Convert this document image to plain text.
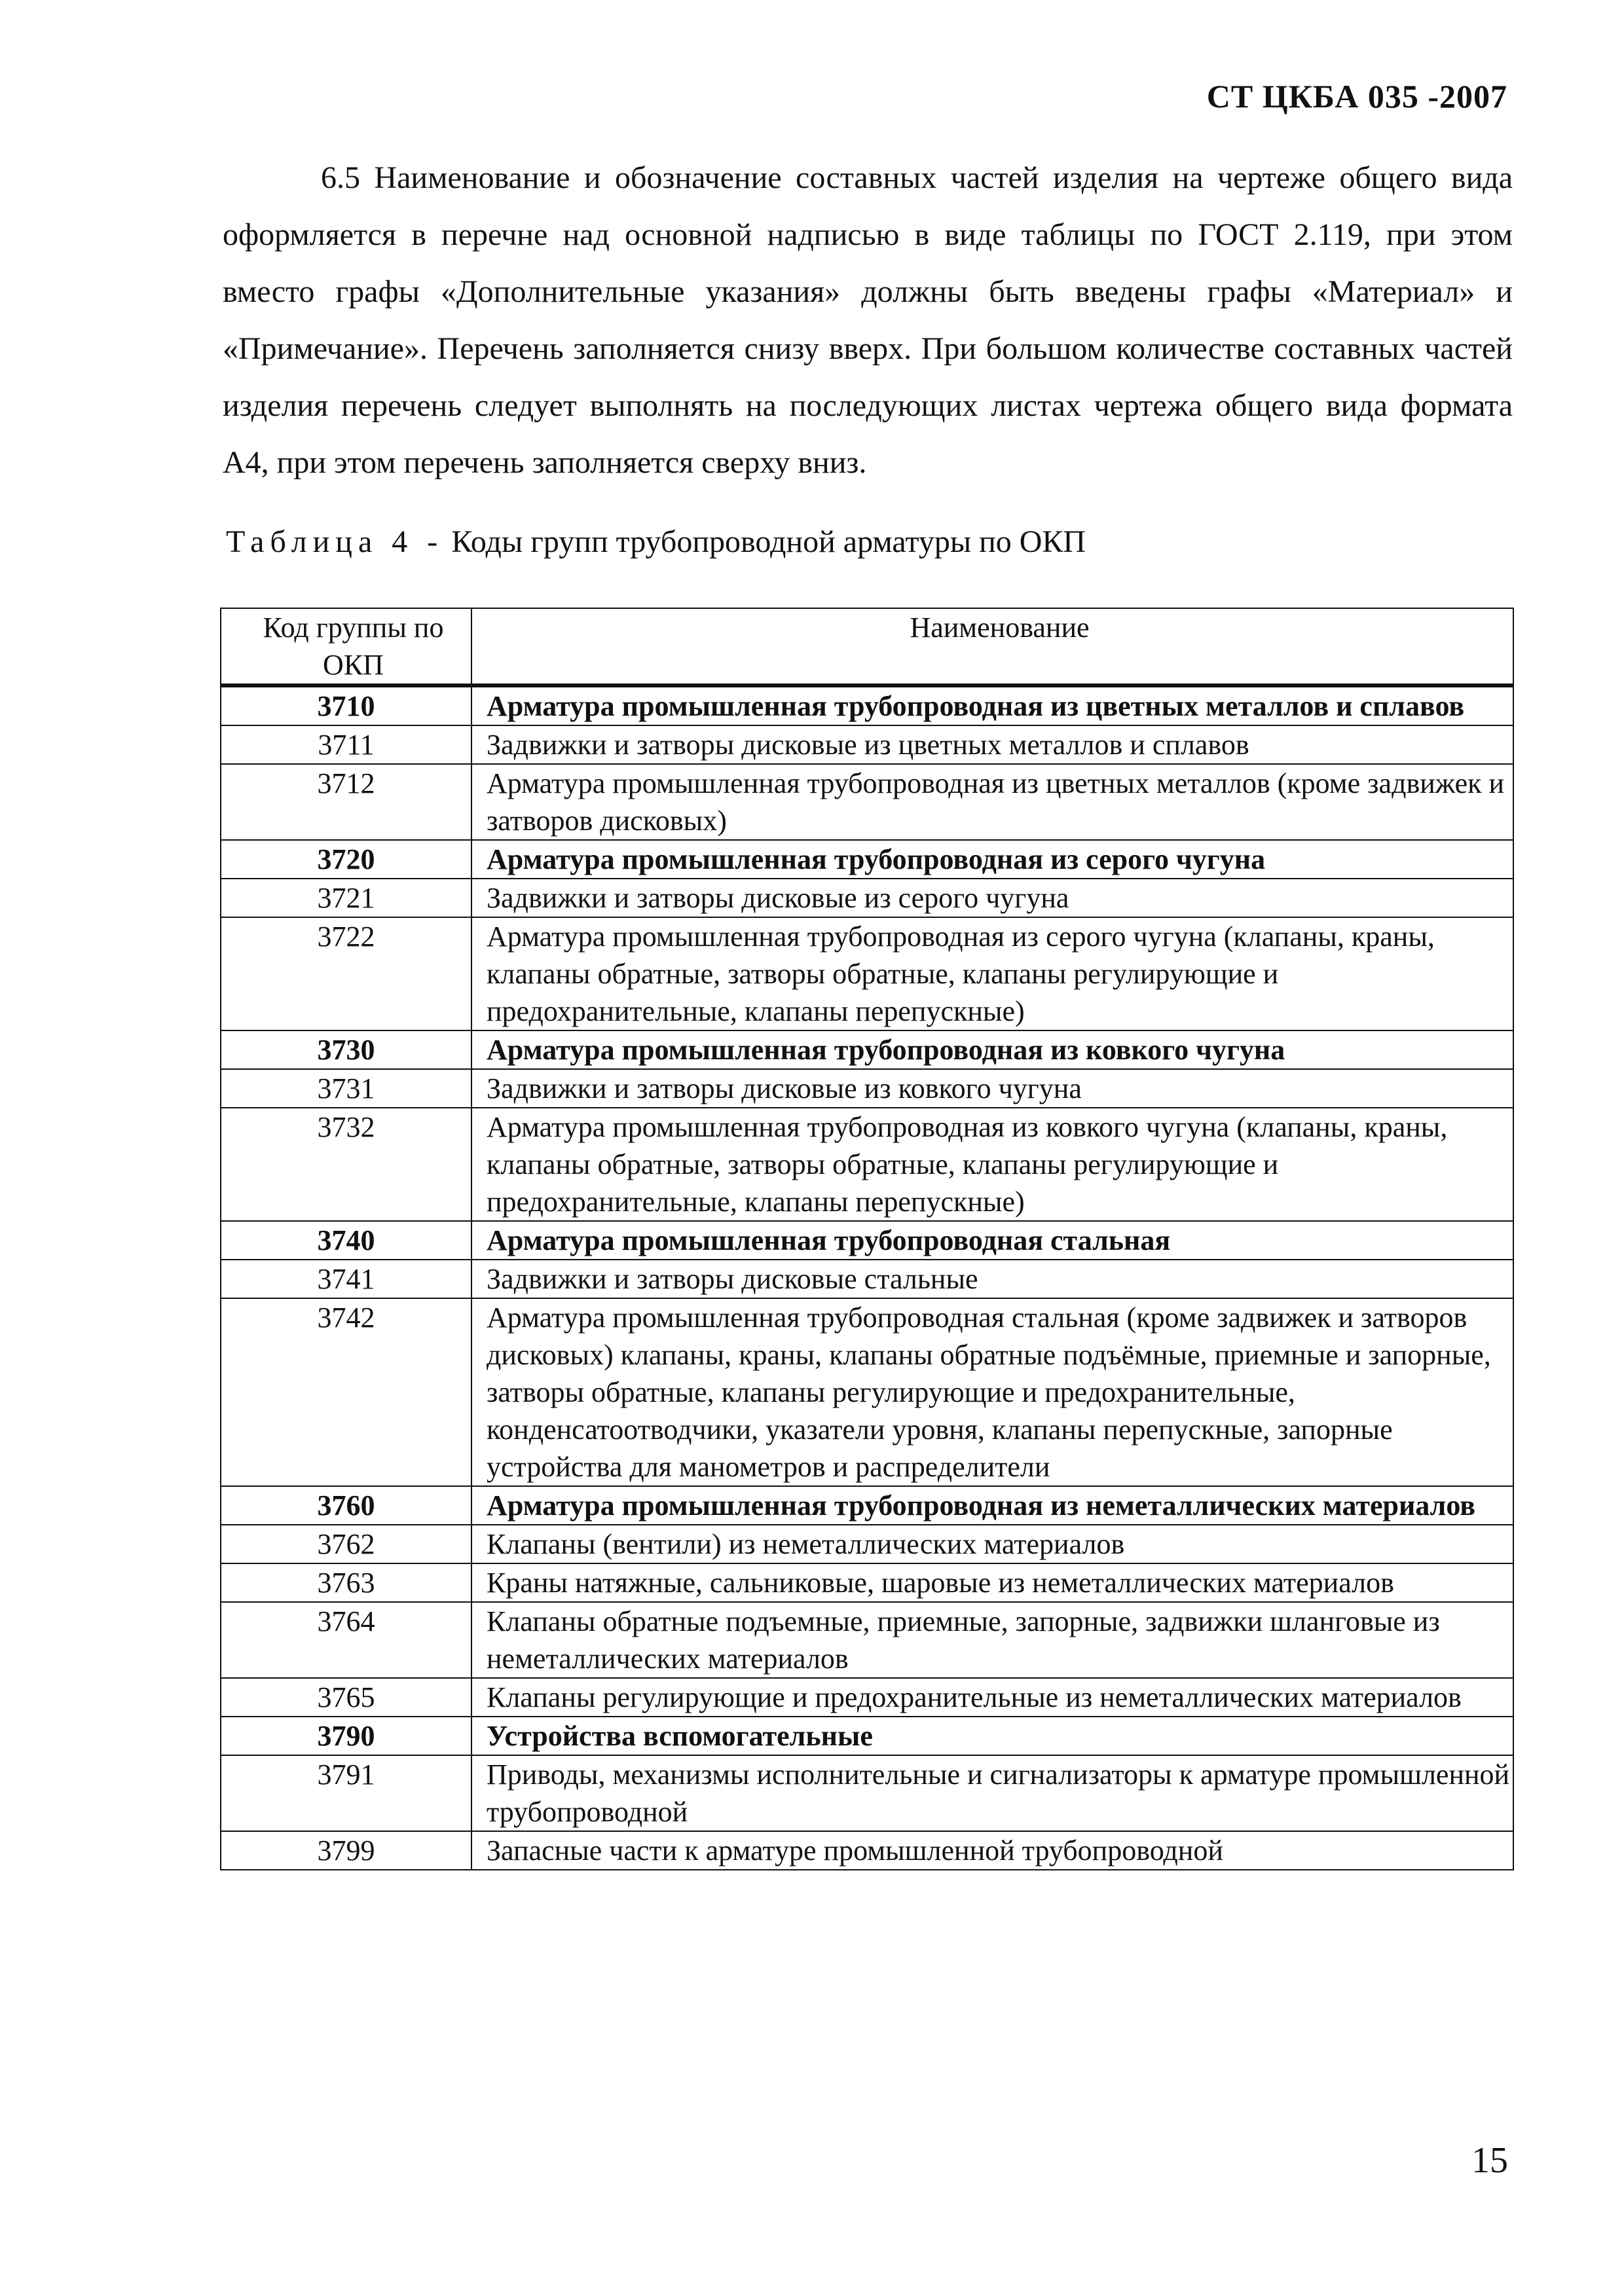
СТ ЦКБА 035 -2007

6.5 Наименование и обозначение составных частей изделия на чертеже общего вида оформляется в перечне над основной надписью в виде таблицы по ГОСТ 2.119, при этом вместо графы «Дополнительные указания» должны быть введены графы «Материал» и «Примечание». Перечень заполняется снизу вверх. При большом количестве составных частей изделия перечень следует выполнять на последующих листах чертежа общего вида формата А4, при этом перечень заполняется сверху вниз.

Таблица 4 - Коды групп трубопроводной арматуры по ОКП
Код группы по ОКП	Наименование
3710	Арматура промышленная трубопроводная из цветных металлов и сплавов
3711	Задвижки и затворы дисковые из цветных металлов и сплавов
3712	Арматура промышленная трубопроводная из цветных металлов (кроме задвижек и затворов дисковых)
3720	Арматура промышленная трубопроводная из серого чугуна
3721	Задвижки и затворы дисковые из серого чугуна
3722	Арматура промышленная трубопроводная из серого чугуна (клапаны, краны, клапаны обратные, затворы обратные, клапаны регулирующие и предохранительные, клапаны перепускные)
3730	Арматура промышленная трубопроводная из ковкого чугуна
3731	Задвижки и затворы дисковые из ковкого чугуна
3732	Арматура промышленная трубопроводная из ковкого чугуна (клапаны, краны, клапаны обратные, затворы обратные, клапаны регулирующие и предохранительные, клапаны перепускные)
3740	Арматура промышленная трубопроводная стальная
3741	Задвижки и затворы дисковые стальные
3742	Арматура промышленная трубопроводная стальная (кроме задвижек и затворов дисковых) клапаны, краны, клапаны обратные подъёмные, приемные и запорные, затворы обратные, клапаны регулирующие и предохранительные, конденсатоотводчики, указатели уровня, клапаны перепускные, запорные устройства для манометров и распределители
3760	Арматура промышленная трубопроводная из неметаллических материалов
3762	Клапаны (вентили) из неметаллических материалов
3763	Краны натяжные, сальниковые, шаровые из неметаллических материалов
3764	Клапаны обратные подъемные, приемные, запорные, задвижки шланговые из неметаллических материалов
3765	Клапаны регулирующие и предохранительные из неметаллических материалов
3790	Устройства вспомогательные
3791	Приводы, механизмы исполнительные и сигнализаторы к арматуре промышленной трубопроводной
3799	Запасные части к арматуре промышленной трубопроводной
15
